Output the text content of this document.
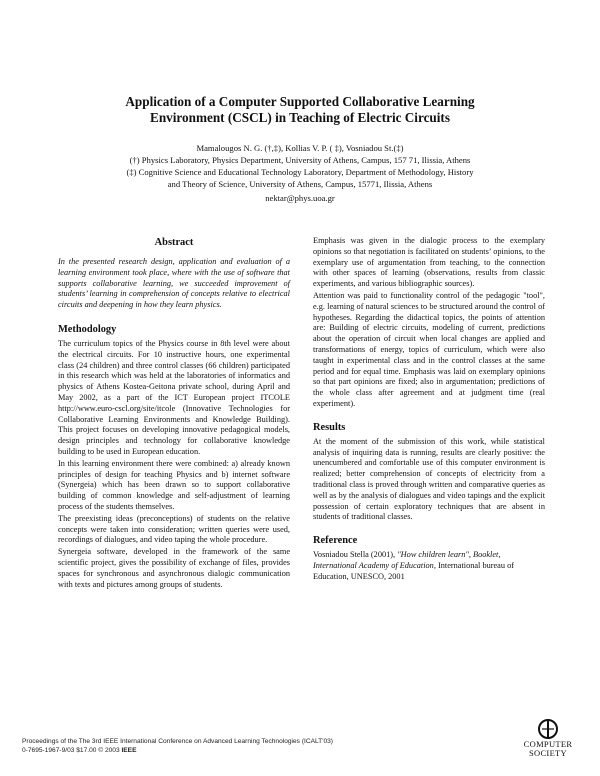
Application of a Computer Supported Collaborative Learning
Environment (CSCL) in Teaching of Electric Circuits
Mamalougos N. G. (†,‡), Kollias V. P. ( ‡), Vosniadou St.(‡)
(†) Physics Laboratory, Physics Department, University of Athens, Campus, 157 71, Ilissia, Athens
(‡) Cognitive Science and Educational Technology Laboratory, Department of Methodology, History
and Theory of Science, University of Athens, Campus, 15771, Ilissia, Athens
nektar@phys.uoa.gr
Abstract

In the presented research design, application and evaluation of a learning environment took place, where with the use of software that supports collaborative learning, we succeeded improvement of students’ learning in comprehension of concepts relative to electrical circuits and deepening in how they learn physics.

Methodology

The curriculum topics of the Physics course in 8th level were about the electrical circuits. For 10 instructive hours, one experimental class (24 children) and three control classes (66 children) participated in this research which was held at the laboratories of informatics and physics of Athens Kostea-Geitona private school, during April and May 2002, as a part of the ICT European project ITCOLE http://www.euro-cscl.org/site/itcole (Innovative Technologies for Collaborative Learning Environments and Knowledge Building). This project focuses on developing innovative pedagogical models, design principles and technology for collaborative knowledge building to be used in European education.

In this learning environment there were combined: a) already known principles of design for teaching Physics and b) internet software (Synergeia) which has been drawn so to support collaborative building of common knowledge and self-adjustment of learning process of the students themselves.

The preexisting ideas (preconceptions) of students on the relative concepts were taken into consideration; written queries were used, recordings of dialogues, and video taping the whole procedure.

Synergeia software, developed in the framework of the same scientific project, gives the possibility of exchange of files, provides spaces for synchronous and asynchronous dialogic communication with texts and pictures among groups of students.

Emphasis was given in the dialogic process to the exemplary opinions so that negotiation is facilitated on students’ opinions, to the exemplary use of argumentation from teaching, to the connection with other spaces of learning (observations, results from classic experiments, and various bibliographic sources).

Attention was paid to functionality control of the pedagogic "tool", e.g. learning of natural sciences to be structured around the control of hypotheses. Regarding the didactical topics, the points of attention are: Building of electric circuits, modeling of current, predictions about the operation of circuit when local changes are applied and transformations of energy, topics of curriculum, which were also taught in experimental class and in the control classes at the same period and for equal time. Emphasis was laid on exemplary opinions so that part opinions are fixed; also in argumentation; predictions of the whole class after agreement and at judgment time (real experiment).

Results

At the moment of the submission of this work, while statistical analysis of inquiring data is running, results are clearly positive: the unencumbered and comfortable use of this computer environment is realized; better comprehension of concepts of electricity from a traditional class is proved through written and comparative queries as well as by the analysis of dialogues and video tapings and the explicit possession of certain exploratory techniques that are absent in students of traditional classes.

Reference

Vosniadou Stella (2001), "How children learn", Booklet, International Academy of Education, International bureau of Education, UNESCO, 2001

Proceedings of the The 3rd IEEE International Conference on Advanced Learning Technologies (ICALT'03)
0-7695-1967-9/03 $17.00 © 2003 IEEE
COMPUTER
SOCIETY
